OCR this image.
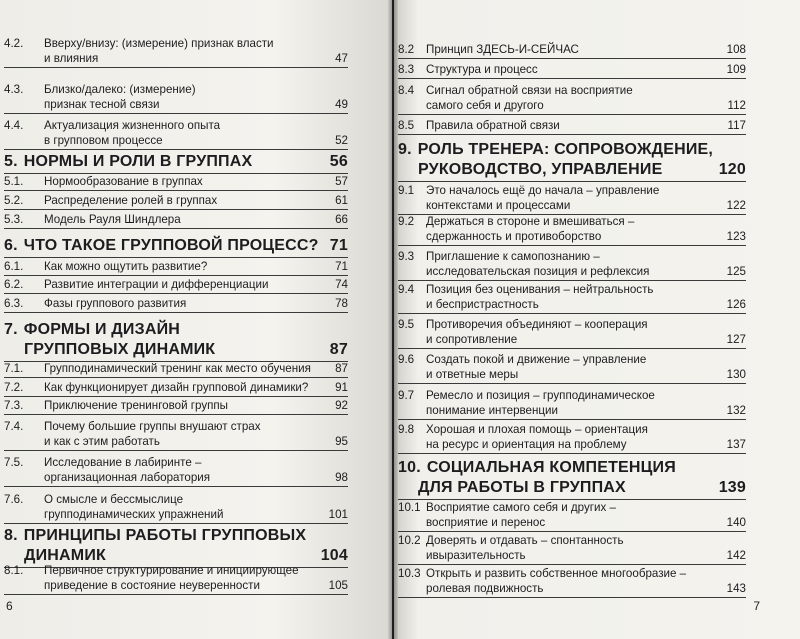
4.2. Вверху/внизу: (измерение) признак власти
и влияния	47
4.3. Близко/далеко: (измерение)
признак тесной связи	49
4.4. Актуализация жизненного опыта
в групповом процессе	52
5. НОРМЫ И РОЛИ В ГРУППАХ	56
5.1. Нормообразование в группах	57
5.2. Распределение ролей в группах	61
5.3. Модель Рауля Шиндлера	66
6. ЧТО ТАКОЕ ГРУППОВОЙ ПРОЦЕСС? 71
6.1. Как можно ощутить развитие?	71
6.2. Развитие интеграции и дифференциации	74
6.3. Фазы группового развития	78
7. ФОРМЫ И ДИЗАЙН
ГРУППОВЫХ ДИНАМИК	87
7.1. Групподинамический тренинг как место обучения 87
7.2. Как функционирует дизайн групповой динамики? 91
7.3. Приключение тренинговой группы	92
7.4. Почему большие группы внушают страх
и как с этим работать	95
7.5. Исследование в лабиринте –
организационная лаборатория	98
7.6. О смысле и бессмыслице
групподинамических упражнений	101
8. ПРИНЦИПЫ РАБОТЫ ГРУППОВЫХ
ДИНАМИК	104
8.1. Первичное структурирование и инициирующее
приведение в состояние неуверенности	105
6
8.2 Принцип ЗДЕСЬ-И-СЕЙЧАС	108
8.3 Структура и процесс	109
8.4 Сигнал обратной связи на восприятие
самого себя и другого	112
8.5 Правила обратной связи	117
9. РОЛЬ ТРЕНЕРА: СОПРОВОЖДЕНИЕ,
РУКОВОДСТВО, УПРАВЛЕНИЕ	120
9.1 Это началось ещё до начала – управление
контекстами и процессами	122
9.2 Держаться в стороне и вмешиваться –
сдержанность и противоборство	123
9.3 Приглашение к самопознанию –
исследовательская позиция и рефлексия	125
9.4 Позиция без оценивания – нейтральность
и беспристрастность	126
9.5 Противоречия объединяют – кооперация
и сопротивление	127
9.6 Создать покой и движение – управление
и ответные меры	130
9.7 Ремесло и позиция – групподинамическое
понимание интервенции	132
9.8 Хорошая и плохая помощь – ориентация
на ресурс и ориентация на проблему	137
10. СОЦИАЛЬНАЯ КОМПЕТЕНЦИЯ
ДЛЯ РАБОТЫ В ГРУППАХ	139
10.1 Восприятие самого себя и других –
восприятие и перенос	140
10.2 Доверять и отдавать – спонтанность
ивыразительность	142
10.3 Открыть и развить собственное многообразие –
ролевая подвижность	143
7
